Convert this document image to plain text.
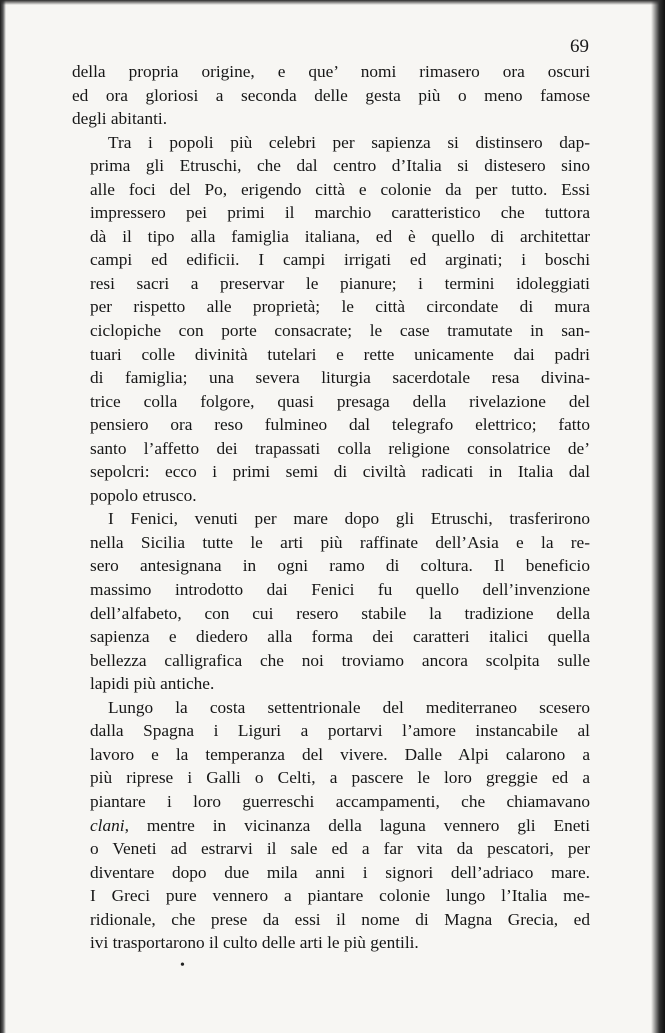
69
della propria origine, e que’ nomi rimasero ora oscuri
ed ora gloriosi a seconda delle gesta più o meno famose
degli abitanti.
Tra i popoli più celebri per sapienza si distinsero dap-
prima gli Etruschi, che dal centro d’Italia si distesero sino
alle foci del Po, erigendo città e colonie da per tutto. Essi
impressero pei primi il marchio caratteristico che tuttora
dà il tipo alla famiglia italiana, ed è quello di architettar
campi ed edificii. I campi irrigati ed arginati; i boschi
resi sacri a preservar le pianure; i termini idoleggiati
per rispetto alle proprietà; le città circondate di mura
ciclopiche con porte consacrate; le case tramutate in san-
tuari colle divinità tutelari e rette unicamente dai padri
di famiglia; una severa liturgia sacerdotale resa divina-
trice colla folgore, quasi presaga della rivelazione del
pensiero ora reso fulmineo dal telegrafo elettrico; fatto
santo l’affetto dei trapassati colla religione consolatrice de’
sepolcri: ecco i primi semi di civiltà radicati in Italia dal
popolo etrusco.
I Fenici, venuti per mare dopo gli Etruschi, trasferirono
nella Sicilia tutte le arti più raffinate dell’Asia e la re-
sero antesignana in ogni ramo di coltura. Il beneficio
massimo introdotto dai Fenici fu quello dell’invenzione
dell’alfabeto, con cui resero stabile la tradizione della
sapienza e diedero alla forma dei caratteri italici quella
bellezza calligrafica che noi troviamo ancora scolpita sulle
lapidi più antiche.
Lungo la costa settentrionale del mediterraneo scesero
dalla Spagna i Liguri a portarvi l’amore instancabile al
lavoro e la temperanza del vivere. Dalle Alpi calarono a
più riprese i Galli o Celti, a pascere le loro greggie ed a
piantare i loro guerreschi accampamenti, che chiamavano
clani, mentre in vicinanza della laguna vennero gli Eneti
o Veneti ad estrarvi il sale ed a far vita da pescatori, per
diventare dopo due mila anni i signori dell’adriaco mare.
I Greci pure vennero a piantare colonie lungo l’Italia me-
ridionale, che prese da essi il nome di Magna Grecia, ed
ivi trasportarono il culto delle arti le più gentili.
•
